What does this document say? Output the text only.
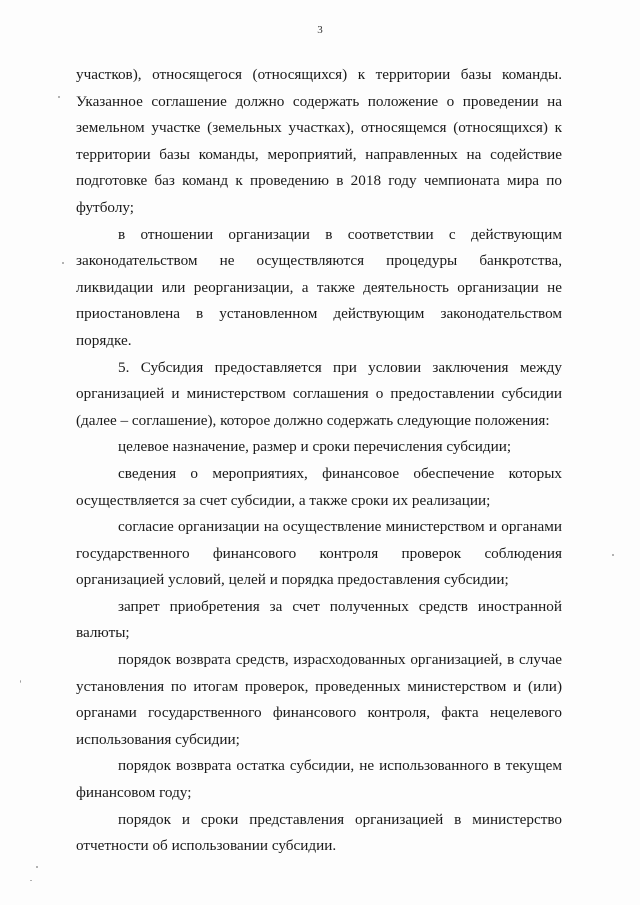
3

участков), относящегося (относящихся) к территории базы команды. Указанное соглашение должно содержать положение о проведении на земельном участке (земельных участках), относящемся (относящихся) к территории базы команды, мероприятий, направленных на содействие подготовке баз команд к проведению в 2018 году чемпионата мира по футболу;

в отношении организации в соответствии с действующим законодательством не осуществляются процедуры банкротства, ликвидации или реорганизации, а также деятельность организации не приостановлена в установленном действующим законодательством порядке.

5. Субсидия предоставляется при условии заключения между организацией и министерством соглашения о предоставлении субсидии (далее – соглашение), которое должно содержать следующие положения:

целевое назначение, размер и сроки перечисления субсидии;

сведения о мероприятиях, финансовое обеспечение которых осуществляется за счет субсидии, а также сроки их реализации;

согласие организации на осуществление министерством и органами государственного финансового контроля проверок соблюдения организацией условий, целей и порядка предоставления субсидии;

запрет приобретения за счет полученных средств иностранной валюты;

порядок возврата средств, израсходованных организацией, в случае установления по итогам проверок, проведенных министерством и (или) органами государственного финансового контроля, факта нецелевого использования субсидии;

порядок возврата остатка субсидии, не использованного в текущем финансовом году;

порядок и сроки представления организацией в министерство отчетности об использовании субсидии.
